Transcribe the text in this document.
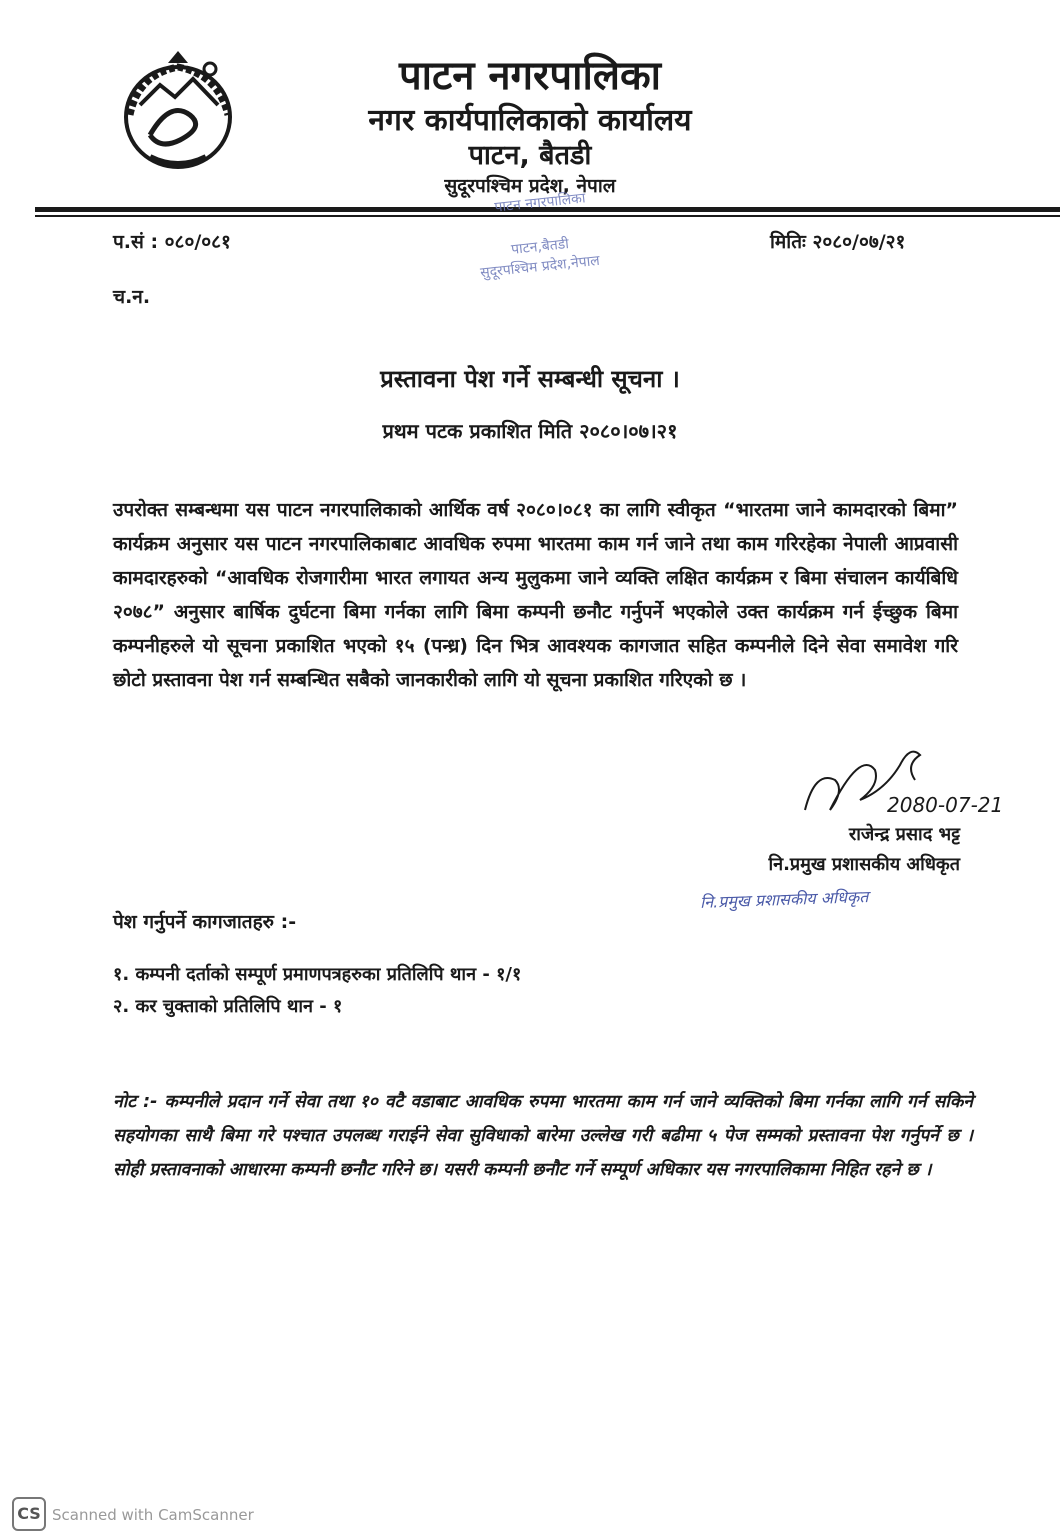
पाटन नगरपालिका
नगर कार्यपालिकाको कार्यालय
पाटन, बैतडी
सुदूरपश्चिम प्रदेश, नेपाल
पाटन नगरपालिका
पाटन,बैतडी
सुदूरपश्चिम प्रदेश,नेपाल
प.सं : ०८०/०८१	मितिः २०८०/०७/२१
च.न.
प्रस्तावना पेश गर्ने सम्बन्धी सूचना ।
प्रथम पटक प्रकाशित मिति २०८०।०७।२१
उपरोक्त सम्बन्धमा यस पाटन नगरपालिकाको आर्थिक वर्ष २०८०।०८१ का लागि स्वीकृत “भारतमा जाने कामदारको बिमा” कार्यक्रम अनुसार यस पाटन नगरपालिकाबाट आवधिक रुपमा भारतमा काम गर्न जाने तथा काम गरिरहेका नेपाली आप्रवासी कामदारहरुको “आवधिक रोजगारीमा भारत लगायत अन्य मुलुकमा जाने व्यक्ति लक्षित कार्यक्रम र बिमा संचालन कार्यबिधि २०७८” अनुसार बार्षिक दुर्घटना बिमा गर्नका लागि बिमा कम्पनी छनौट गर्नुपर्ने भएकोले उक्त कार्यक्रम गर्न ईच्छुक बिमा कम्पनीहरुले यो सूचना प्रकाशित भएको १५ (पन्ध्र) दिन भित्र आवश्यक कागजात सहित कम्पनीले दिने सेवा समावेश गरि छोटो प्रस्तावना पेश गर्न सम्बन्धित सबैको जानकारीको लागि यो सूचना प्रकाशित गरिएको छ ।
2080-07-21
राजेन्द्र प्रसाद भट्ट
नि.प्रमुख प्रशासकीय अधिकृत
नि.प्रमुख प्रशासकीय अधिकृत
पेश गर्नुपर्ने कागजातहरु :-
१. कम्पनी दर्ताको सम्पूर्ण प्रमाणपत्रहरुका प्रतिलिपि थान - १/१
२. कर चुक्ताको प्रतिलिपि थान - १
नोट :- कम्पनीले प्रदान गर्ने सेवा तथा १० वटै वडाबाट आवधिक रुपमा भारतमा काम गर्न जाने व्यक्तिको बिमा गर्नका लागि गर्न सकिने सहयोगका साथै बिमा गरे पश्चात उपलब्ध गराईने सेवा सुविधाको बारेमा उल्लेख गरी बढीमा ५ पेज सम्मको प्रस्तावना पेश गर्नुपर्ने छ । सोही प्रस्तावनाको आधारमा कम्पनी छनौट गरिने छ। यसरी कम्पनी छनौट गर्ने सम्पूर्ण अधिकार यस नगरपालिकामा निहित रहने छ ।
CS Scanned with CamScanner
